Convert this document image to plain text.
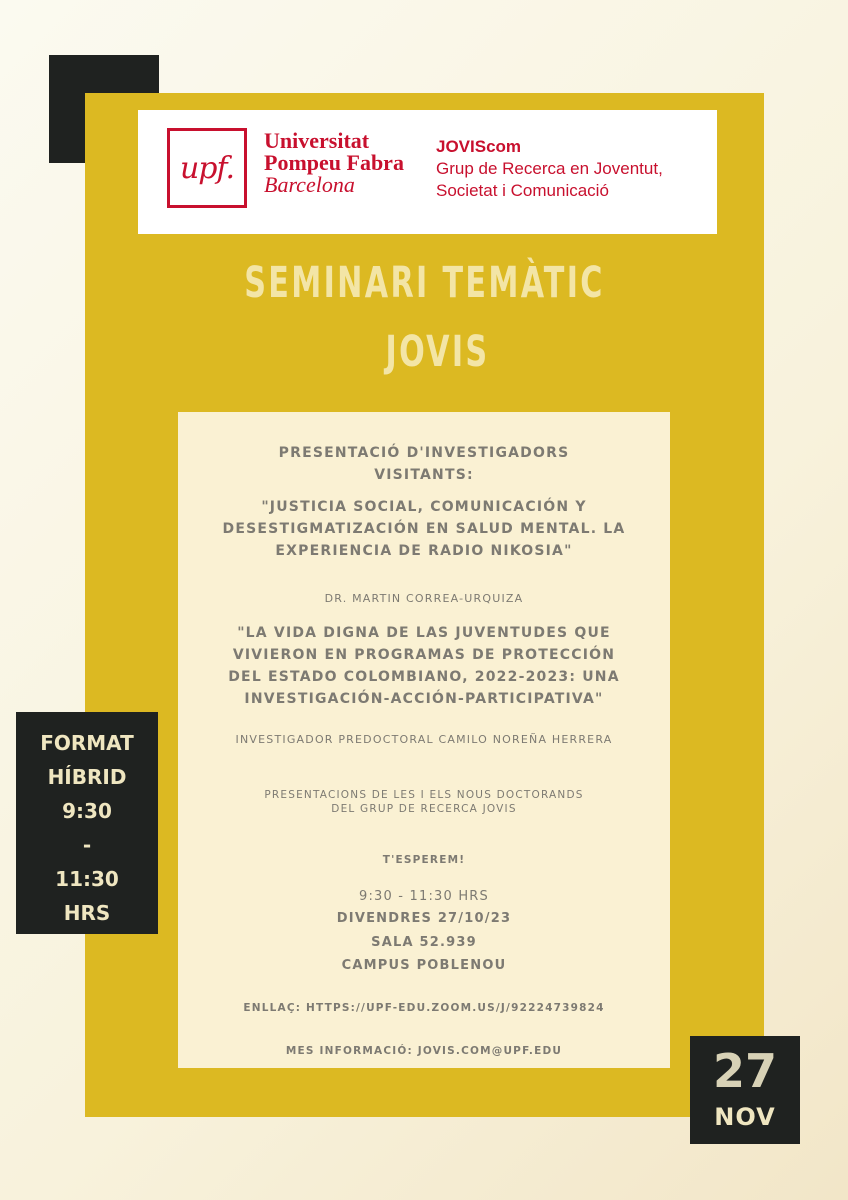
upf.
Universitat
Pompeu Fabra
Barcelona
JOVIScom
Grup de Recerca en Joventut,
Societat i Comunicació
SEMINARI TEMÀTIC
JOVIS
PRESENTACIÓ D'INVESTIGADORS
VISITANTS:
"JUSTICIA SOCIAL, COMUNICACIÓN Y
DESESTIGMATIZACIÓN EN SALUD MENTAL. LA
EXPERIENCIA DE RADIO NIKOSIA"
DR. MARTIN CORREA-URQUIZA
"LA VIDA DIGNA DE LAS JUVENTUDES QUE
VIVIERON EN PROGRAMAS DE PROTECCIÓN
DEL ESTADO COLOMBIANO, 2022-2023: UNA
INVESTIGACIÓN-ACCIÓN-PARTICIPATIVA"
INVESTIGADOR PREDOCTORAL CAMILO NOREÑA HERRERA
PRESENTACIONS DE LES I ELS NOUS DOCTORANDS
DEL GRUP DE RECERCA JOVIS
T'ESPEREM!
9:30 - 11:30 HRS
DIVENDRES 27/10/23
SALA 52.939
CAMPUS POBLENOU
ENLLAÇ: HTTPS://UPF-EDU.ZOOM.US/J/92224739824
MES INFORMACIÓ: JOVIS.COM@UPF.EDU
FORMAT
HÍBRID
9:30
-
11:30
HRS
27
NOV
